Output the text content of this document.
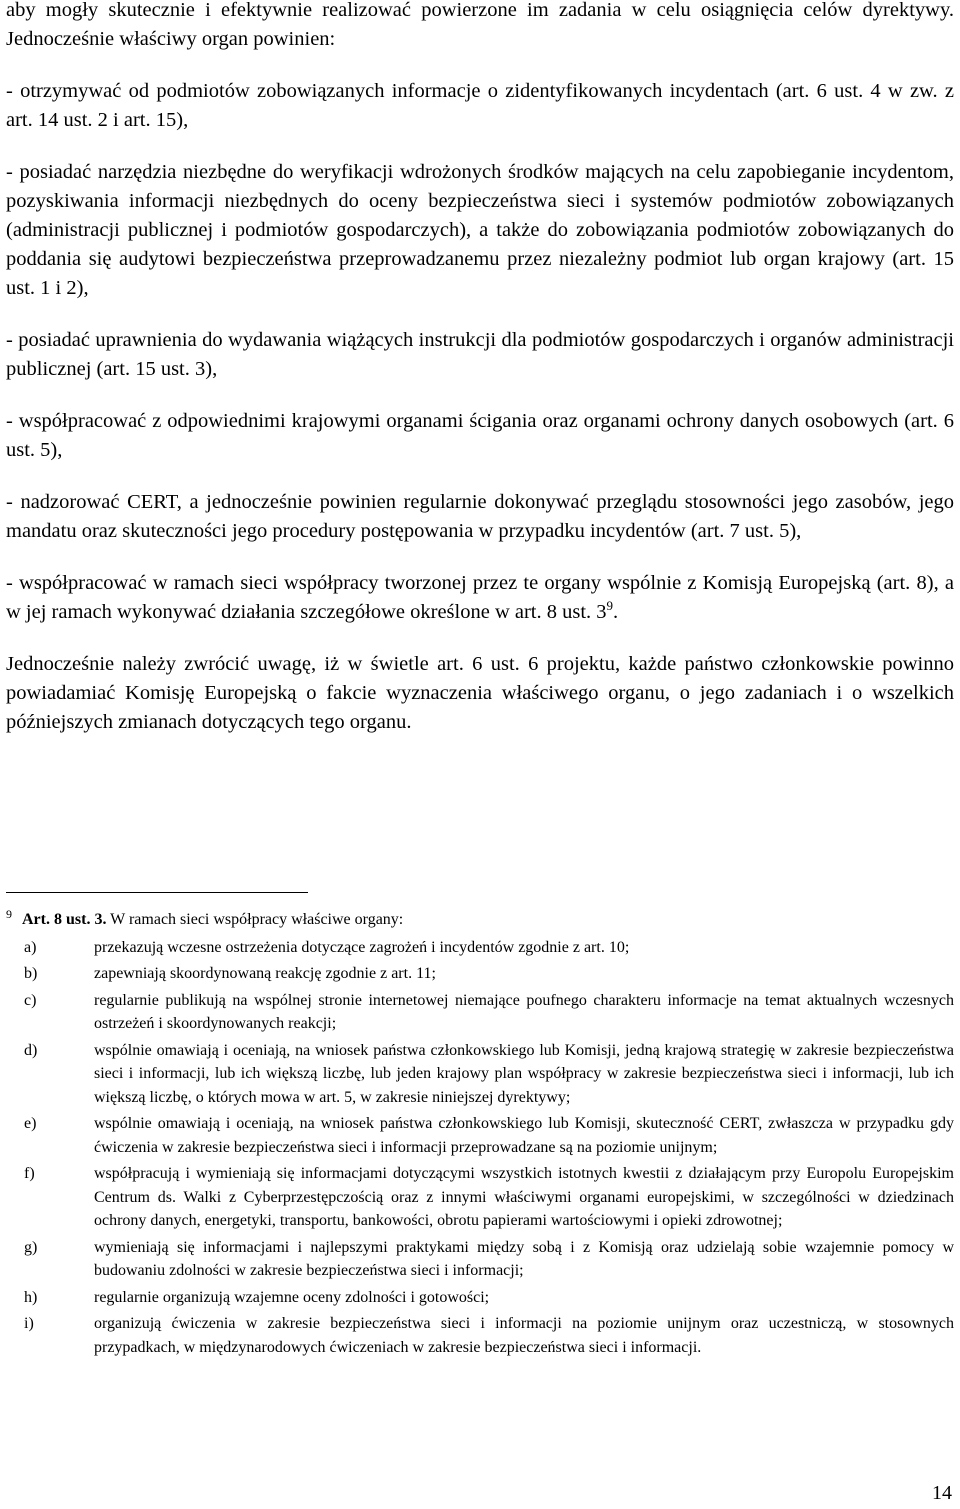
aby mogły skutecznie i efektywnie realizować powierzone im zadania w celu osiągnięcia celów dyrektywy. Jednocześnie właściwy organ powinien:

- otrzymywać od podmiotów zobowiązanych informacje o zidentyfikowanych incydentach (art. 6 ust. 4 w zw. z art. 14 ust. 2 i art. 15),

- posiadać narzędzia niezbędne do weryfikacji wdrożonych środków mających na celu zapobieganie incydentom, pozyskiwania informacji niezbędnych do oceny bezpieczeństwa sieci i systemów podmiotów zobowiązanych (administracji publicznej i podmiotów gospodarczych), a także do zobowiązania podmiotów zobowiązanych do poddania się audytowi bezpieczeństwa przeprowadzanemu przez niezależny podmiot lub organ krajowy (art. 15 ust. 1 i 2),

- posiadać uprawnienia do wydawania wiążących instrukcji dla podmiotów gospodarczych i organów administracji publicznej (art. 15 ust. 3),

- współpracować z odpowiednimi krajowymi organami ścigania oraz organami ochrony danych osobowych (art. 6 ust. 5),

- nadzorować CERT, a jednocześnie powinien regularnie dokonywać przeglądu stosowności jego zasobów, jego mandatu oraz skuteczności jego procedury postępowania w przypadku incydentów (art. 7 ust. 5),

- współpracować w ramach sieci współpracy tworzonej przez te organy wspólnie z Komisją Europejską (art. 8), a w jej ramach wykonywać działania szczegółowe określone w art. 8 ust. $3^9$.

Jednocześnie należy zwrócić uwagę, iż w świetle art. 6 ust. 6 projektu, każde państwo członkowskie powinno powiadamiać Komisję Europejską o fakcie wyznaczenia właściwego organu, o jego zadaniach i o wszelkich późniejszych zmianach dotyczących tego organu.

$^9$ Art. 8 ust. 3. W ramach sieci współpracy właściwe organy:

a)	przekazują wczesne ostrzeżenia dotyczące zagrożeń i incydentów zgodnie z art. 10;
b)	zapewniają skoordynowaną reakcję zgodnie z art. 11;
c)	regularnie publikują na wspólnej stronie internetowej niemające poufnego charakteru informacje na temat aktualnych wczesnych ostrzeżeń i skoordynowanych reakcji;
d)	wspólnie omawiają i oceniają, na wniosek państwa członkowskiego lub Komisji, jedną krajową strategię w zakresie bezpieczeństwa sieci i informacji, lub ich większą liczbę, lub jeden krajowy plan współpracy w zakresie bezpieczeństwa sieci i informacji, lub ich większą liczbę, o których mowa w art. 5, w zakresie niniejszej dyrektywy;
e)	wspólnie omawiają i oceniają, na wniosek państwa członkowskiego lub Komisji, skuteczność CERT, zwłaszcza w przypadku gdy ćwiczenia w zakresie bezpieczeństwa sieci i informacji przeprowadzane są na poziomie unijnym;
f)	współpracują i wymieniają się informacjami dotyczącymi wszystkich istotnych kwestii z działającym przy Europolu Europejskim Centrum ds. Walki z Cyberprzestępczością oraz z innymi właściwymi organami europejskimi, w szczególności w dziedzinach ochrony danych, energetyki, transportu, bankowości, obrotu papierami wartościowymi i opieki zdrowotnej;
g)	wymieniają się informacjami i najlepszymi praktykami między sobą i z Komisją oraz udzielają sobie wzajemnie pomocy w budowaniu zdolności w zakresie bezpieczeństwa sieci i informacji;
h)	regularnie organizują wzajemne oceny zdolności i gotowości;
i)	organizują ćwiczenia w zakresie bezpieczeństwa sieci i informacji na poziomie unijnym oraz uczestniczą, w stosownych przypadkach, w międzynarodowych ćwiczeniach w zakresie bezpieczeństwa sieci i informacji.
14
